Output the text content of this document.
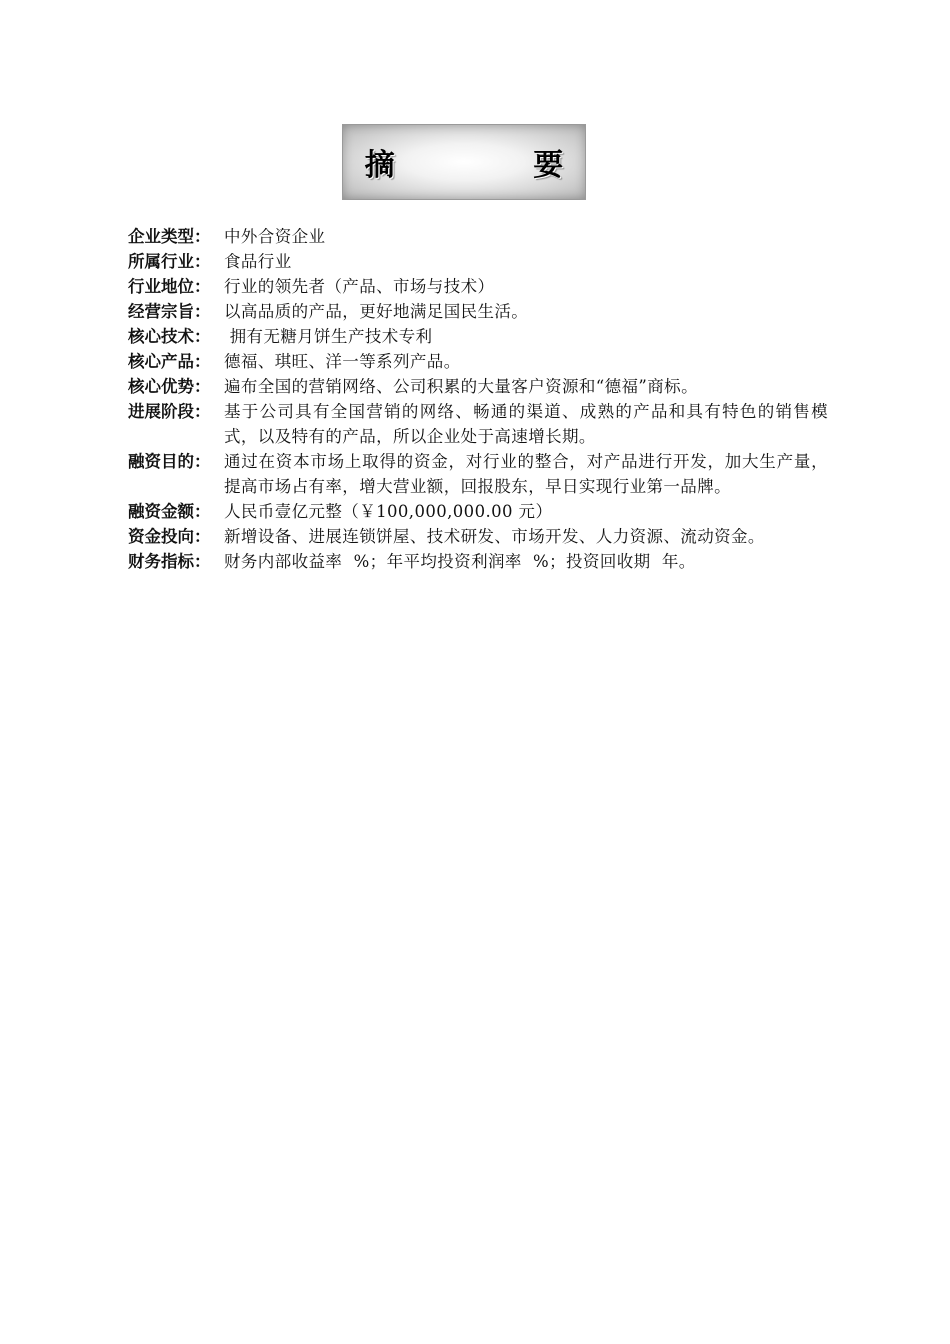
摘 要
企业类型： 中外合资企业
所属行业： 食品行业
行业地位： 行业的领先者（产品、市场与技术）
经营宗旨： 以高品质的产品，更好地满足国民生活。
核心技术： 拥有无糖月饼生产技术专利
核心产品： 德福、琪旺、洋一等系列产品。
核心优势： 遍布全国的营销网络、公司积累的大量客户资源和“德福”商标。
进展阶段： 基于公司具有全国营销的网络、畅通的渠道、成熟的产品和具有特色的销售模式，以及特有的产品，所以企业处于高速增长期。
融资目的： 通过在资本市场上取得的资金，对行业的整合，对产品进行开发，加大生产量，提高市场占有率，增大营业额，回报股东，早日实现行业第一品牌。
融资金额： 人民币壹亿元整（￥100,000,000.00 元）
资金投向： 新增设备、进展连锁饼屋、技术研发、市场开发、人力资源、流动资金。
财务指标： 财务内部收益率  %；年平均投资利润率  %；投资回收期  年。
